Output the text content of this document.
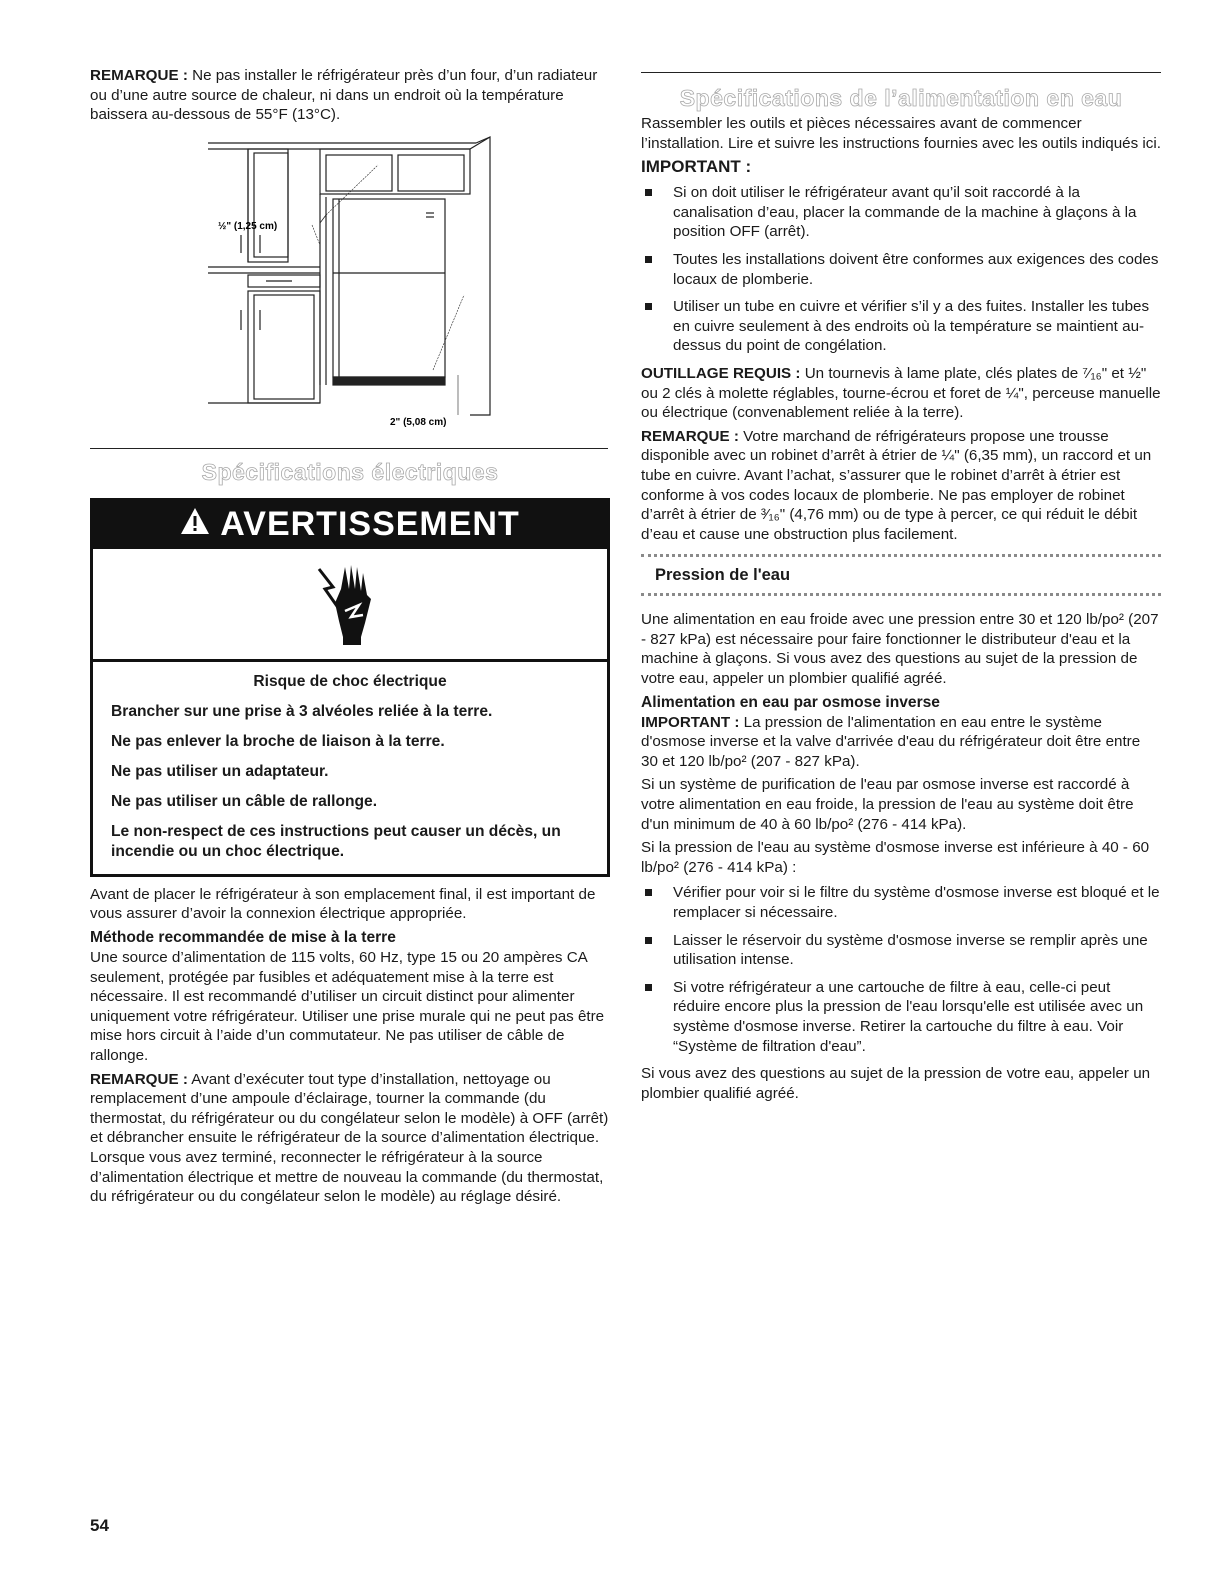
REMARQUE : Ne pas installer le réfrigérateur près d’un four, d’un radiateur ou d’une autre source de chaleur, ni dans un endroit où la température baissera au-dessous de 55°F (13°C).

½" (1,25 cm)
2" (5,08 cm)
Spécifications électriques
AVERTISSEMENT

Risque de choc électrique

Brancher sur une prise à 3 alvéoles reliée à la terre.

Ne pas enlever la broche de liaison à la terre.

Ne pas utiliser un adaptateur.

Ne pas utiliser un câble de rallonge.

Le non-respect de ces instructions peut causer un décès, un incendie ou un choc électrique.

Avant de placer le réfrigérateur à son emplacement final, il est important de vous assurer d’avoir la connexion électrique appropriée.

Méthode recommandée de mise à la terre

Une source d’alimentation de 115 volts, 60 Hz, type 15 ou 20 ampères CA seulement, protégée par fusibles et adéquatement mise à la terre est nécessaire. Il est recommandé d’utiliser un circuit distinct pour alimenter uniquement votre réfrigérateur. Utiliser une prise murale qui ne peut pas être mise hors circuit à l’aide d’un commutateur. Ne pas utiliser de câble de rallonge.

REMARQUE : Avant d’exécuter tout type d’installation, nettoyage ou remplacement d’une ampoule d’éclairage, tourner la commande (du thermostat, du réfrigérateur ou du congélateur selon le modèle) à OFF (arrêt) et débrancher ensuite le réfrigérateur de la source d’alimentation électrique. Lorsque vous avez terminé, reconnecter le réfrigérateur à la source d’alimentation électrique et mettre de nouveau la commande (du thermostat, du réfrigérateur ou du congélateur selon le modèle) au réglage désiré.

Spécifications de l’alimentation en eau

Rassembler les outils et pièces nécessaires avant de commencer l’installation. Lire et suivre les instructions fournies avec les outils indiqués ici.

IMPORTANT :

Si on doit utiliser le réfrigérateur avant qu’il soit raccordé à la canalisation d’eau, placer la commande de la machine à glaçons à la position OFF (arrêt).
Toutes les installations doivent être conformes aux exigences des codes locaux de plomberie.
Utiliser un tube en cuivre et vérifier s’il y a des fuites. Installer les tubes en cuivre seulement à des endroits où la température se maintient au-dessus du point de congélation.

OUTILLAGE REQUIS : Un tournevis à lame plate, clés plates de ⁷⁄₁₆" et ½" ou 2 clés à molette réglables, tourne-écrou et foret de ¼", perceuse manuelle ou électrique (convenablement reliée à la terre).

REMARQUE : Votre marchand de réfrigérateurs propose une trousse disponible avec un robinet d’arrêt à étrier de ¼" (6,35 mm), un raccord et un tube en cuivre. Avant l’achat, s’assurer que le robinet d’arrêt à étrier est conforme à vos codes locaux de plomberie. Ne pas employer de robinet d’arrêt à étrier de ³⁄₁₆" (4,76 mm) ou de type à percer, ce qui réduit le débit d’eau et cause une obstruction plus facilement.

Pression de l'eau

Une alimentation en eau froide avec une pression entre 30 et 120 lb/po² (207 - 827 kPa) est nécessaire pour faire fonctionner le distributeur d'eau et la machine à glaçons. Si vous avez des questions au sujet de la pression de votre eau, appeler un plombier qualifié agréé.

Alimentation en eau par osmose inverse

IMPORTANT : La pression de l'alimentation en eau entre le système d'osmose inverse et la valve d'arrivée d'eau du réfrigérateur doit être entre 30 et 120 lb/po² (207 - 827 kPa).

Si un système de purification de l'eau par osmose inverse est raccordé à votre alimentation en eau froide, la pression de l'eau au système doit être d'un minimum de 40 à 60 lb/po² (276 - 414 kPa).

Si la pression de l'eau au système d'osmose inverse est inférieure à 40 - 60 lb/po² (276 - 414 kPa) :

Vérifier pour voir si le filtre du système d'osmose inverse est bloqué et le remplacer si nécessaire.
Laisser le réservoir du système d'osmose inverse se remplir après une utilisation intense.
Si votre réfrigérateur a une cartouche de filtre à eau, celle-ci peut réduire encore plus la pression de l'eau lorsqu'elle est utilisée avec un système d'osmose inverse. Retirer la cartouche du filtre à eau. Voir “Système de filtration d'eau”.

Si vous avez des questions au sujet de la pression de votre eau, appeler un plombier qualifié agréé.

54
